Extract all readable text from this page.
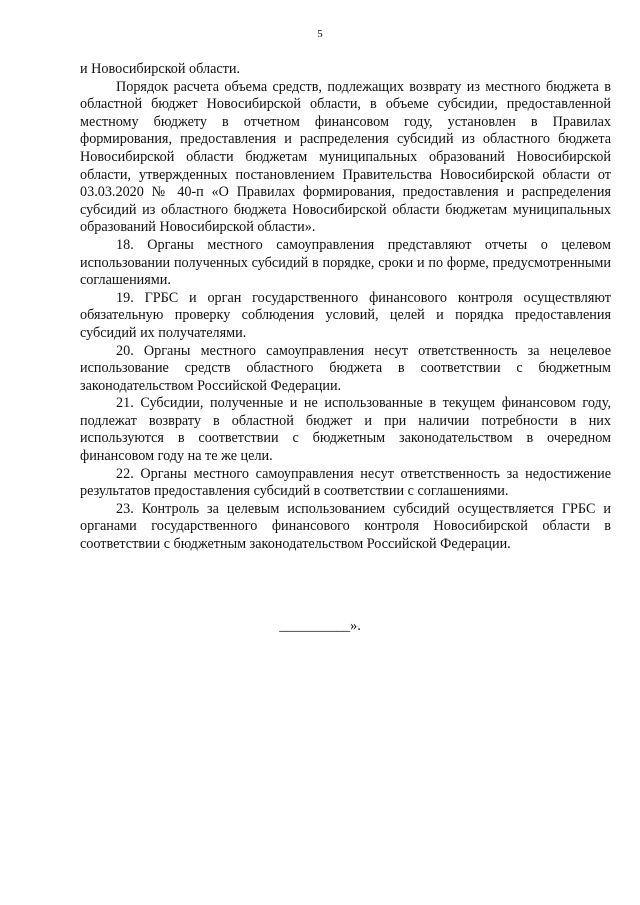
5

и Новосибирской области.

Порядок расчета объема средств, подлежащих возврату из местного бюджета в областной бюджет Новосибирской области, в объеме субсидии, предоставленной местному бюджету в отчетном финансовом году, установлен в Правилах формирования, предоставления и распределения субсидий из областного бюджета Новосибирской области бюджетам муниципальных образований Новосибирской области, утвержденных постановлением Правительства Новосибирской области от 03.03.2020 № 40-п «О Правилах формирования, предоставления и распределения субсидий из областного бюджета Новосибирской области бюджетам муниципальных образований Новосибирской области».

18. Органы местного самоуправления представляют отчеты о целевом использовании полученных субсидий в порядке, сроки и по форме, предусмотренными соглашениями.

19. ГРБС и орган государственного финансового контроля осуществляют обязательную проверку соблюдения условий, целей и порядка предоставления субсидий их получателями.

20. Органы местного самоуправления несут ответственность за нецелевое использование средств областного бюджета в соответствии с бюджетным законодательством Российской Федерации.

21. Субсидии, полученные и не использованные в текущем финансовом году, подлежат возврату в областной бюджет и при наличии потребности в них используются в соответствии с бюджетным законодательством в очередном финансовом году на те же цели.

22. Органы местного самоуправления несут ответственность за недостижение результатов предоставления субсидий в соответствии с соглашениями.

23. Контроль за целевым использованием субсидий осуществляется ГРБС и органами государственного финансового контроля Новосибирской области в соответствии с бюджетным законодательством Российской Федерации.

__________».
